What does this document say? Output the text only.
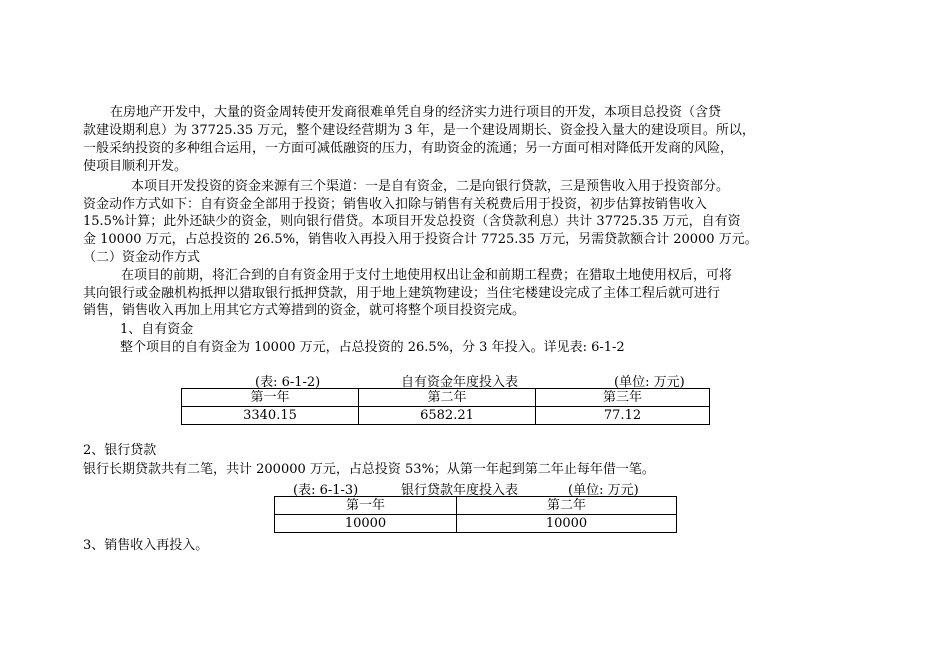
在房地产开发中，大量的资金周转使开发商很难单凭自身的经济实力进行项目的开发，本项目总投资（含贷
款建设期利息）为 37725.35 万元，整个建设经营期为 3 年，是一个建设周期长、资金投入量大的建设项目。所以，
一般采纳投资的多种组合运用，一方面可减低融资的压力，有助资金的流通；另一方面可相对降低开发商的风险，
使项目顺利开发。
本项目开发投资的资金来源有三个渠道：一是自有资金，二是向银行贷款，三是预售收入用于投资部分。
资金动作方式如下：自有资金全部用于投资；销售收入扣除与销售有关税费后用于投资，初步估算按销售收入
15.5%计算；此外还缺少的资金，则向银行借贷。本项目开发总投资（含贷款利息）共计 37725.35 万元，自有资
金 10000 万元，占总投资的 26.5%，销售收入再投入用于投资合计 7725.35 万元，另需贷款额合计 20000 万元。
（二）资金动作方式
在项目的前期，将汇合到的自有资金用于支付土地使用权出让金和前期工程费；在猎取土地使用权后，可将
其向银行或金融机构抵押以猎取银行抵押贷款，用于地上建筑物建设；当住宅楼建设完成了主体工程后就可进行
销售，销售收入再加上用其它方式筹措到的资金，就可将整个项目投资完成。
1、自有资金
整个项目的自有资金为 10000 万元，占总投资的 26.5%，分 3 年投入。详见表: 6-1-2
(表: 6-1-2)	自有资金年度投入表	(单位: 万元)
第一年	第二年	第三年
3340.15	6582.21	77.12
2、银行贷款
银行长期贷款共有二笔，共计 200000 万元，占总投资 53%；从第一年起到第二年止每年借一笔。
(表: 6-1-3)	银行贷款年度投入表	(单位: 万元)
第一年	第二年
10000	10000
3、销售收入再投入。
